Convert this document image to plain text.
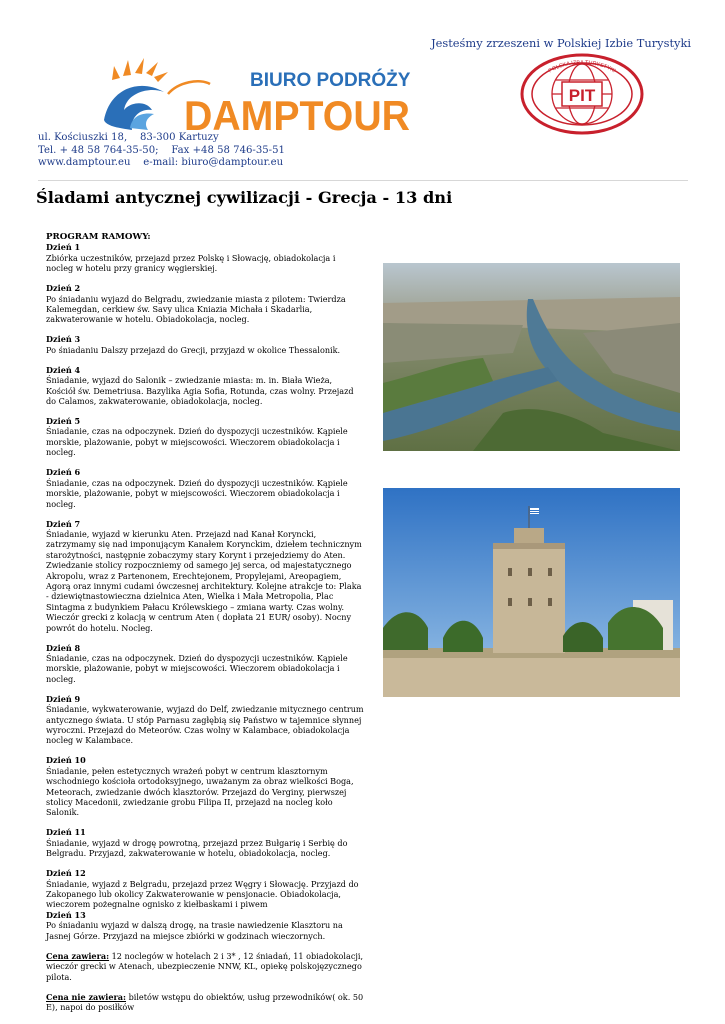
Jesteśmy zrzeszeni w Polskiej Izbie Turystyki
BIURO PODRÓŻY
DAMPTOUR	PIT
POLSKA IZBA TURYSTYKI
ul. Kościuszki 18,    83-300 Kartuzy
Tel. + 48 58 764-35-50;    Fax +48 58 746-35-51
www.damptour.eu    e-mail: biuro@damptour.eu
Śladami antycznej cywilizacji - Grecja - 13 dni
PROGRAM RAMOWY:
Dzień 1
Zbiórka uczestników, przejazd przez Polskę i Słowację, obiadokolacja i nocleg w hotelu przy granicy węgierskiej.
Dzień 2
Po śniadaniu wyjazd do Belgradu, zwiedzanie miasta z pilotem: Twierdza Kalemegdan, cerkiew św. Savy ulica Kniazia Michała i Skadarlia, zakwaterowanie w hotelu. Obiadokolacja, nocleg.
Dzień 3
Po śniadaniu Dalszy przejazd do Grecji, przyjazd w okolice Thessalonik.
Dzień 4
Śniadanie, wyjazd do Salonik – zwiedzanie miasta: m. in. Biała Wieża, Kościół św. Demetriusa. Bazylika Agia Sofia, Rotunda, czas wolny. Przejazd do Calamos, zakwaterowanie, obiadokolacja, nocleg.
Dzień 5
Śniadanie, czas na odpoczynek. Dzień do dyspozycji uczestników. Kąpiele morskie, plażowanie, pobyt w miejscowości. Wieczorem obiadokolacja i nocleg.
Dzień 6
Śniadanie, czas na odpoczynek. Dzień do dyspozycji uczestników. Kąpiele morskie, plażowanie, pobyt w miejscowości. Wieczorem obiadokolacja i nocleg.
Dzień 7
Śniadanie, wyjazd w kierunku Aten. Przejazd nad Kanał Koryncki, zatrzymamy się nad imponującym Kanałem Korynckim, dziełem technicznym starożytności, następnie zobaczymy stary Korynt i przejedziemy do Aten. Zwiedzanie stolicy rozpoczniemy od samego jej serca, od majestatycznego Akropolu, wraz z Partenonem, Erechtejonem, Propylejami, Areopagiem, Agorą oraz innymi cudami ówczesnej architektury. Kolejne atrakcje to: Plaka - dziewiętnastowieczna dzielnica Aten, Wielka i Mała Metropolia, Plac Sintagma z budynkiem Pałacu Królewskiego – zmiana warty. Czas wolny. Wieczór grecki z kolacją w centrum Aten ( dopłata 21 EUR/ osoby). Nocny powrót do hotelu. Nocleg.
Dzień 8
Śniadanie, czas na odpoczynek. Dzień do dyspozycji uczestników. Kąpiele morskie, plażowanie, pobyt w miejscowości. Wieczorem obiadokolacja i nocleg.
Dzień 9
Śniadanie, wykwaterowanie, wyjazd do Delf, zwiedzanie mitycznego centrum antycznego świata. U stóp Parnasu zagłębią się Państwo w tajemnice słynnej wyroczni. Przejazd do Meteorów. Czas wolny w Kalambace, obiadokolacja nocleg w Kalambace.
Dzień 10
Śniadanie, pełen estetycznych wrażeń pobyt w centrum klasztornym wschodniego kościoła ortodoksyjnego, uważanym za obraz wielkości Boga, Meteorach, zwiedzanie dwóch klasztorów. Przejazd do Verginy, pierwszej stolicy Macedonii, zwiedzanie grobu Filipa II, przejazd na nocleg koło Salonik.
Dzień 11
Śniadanie, wyjazd w drogę powrotną, przejazd przez Bułgarię i Serbię do Belgradu. Przyjazd, zakwaterowanie w hotelu, obiadokolacja, nocleg.
Dzień 12
Śniadanie, wyjazd z Belgradu, przejazd przez Węgry i Słowację. Przyjazd do Zakopanego lub okolicy Zakwaterowanie w pensjonacie. Obiadokolacja, wieczorem pożegnalne ognisko z kiełbaskami i piwem
Dzień 13
Po śniadaniu wyjazd w dalszą drogę, na trasie nawiedzenie Klasztoru na Jasnej Górze. Przyjazd na miejsce zbiórki w godzinach wieczornych.
Cena zawiera: 12 noclegów w hotelach 2 i 3* , 12 śniadań, 11 obiadokolacji, wieczór grecki w Atenach, ubezpieczenie NNW, KL, opiekę polskojęzycznego pilota.
Cena nie zawiera: biletów wstępu do obiektów, usług przewodników( ok. 50 E), napoi do posiłków
